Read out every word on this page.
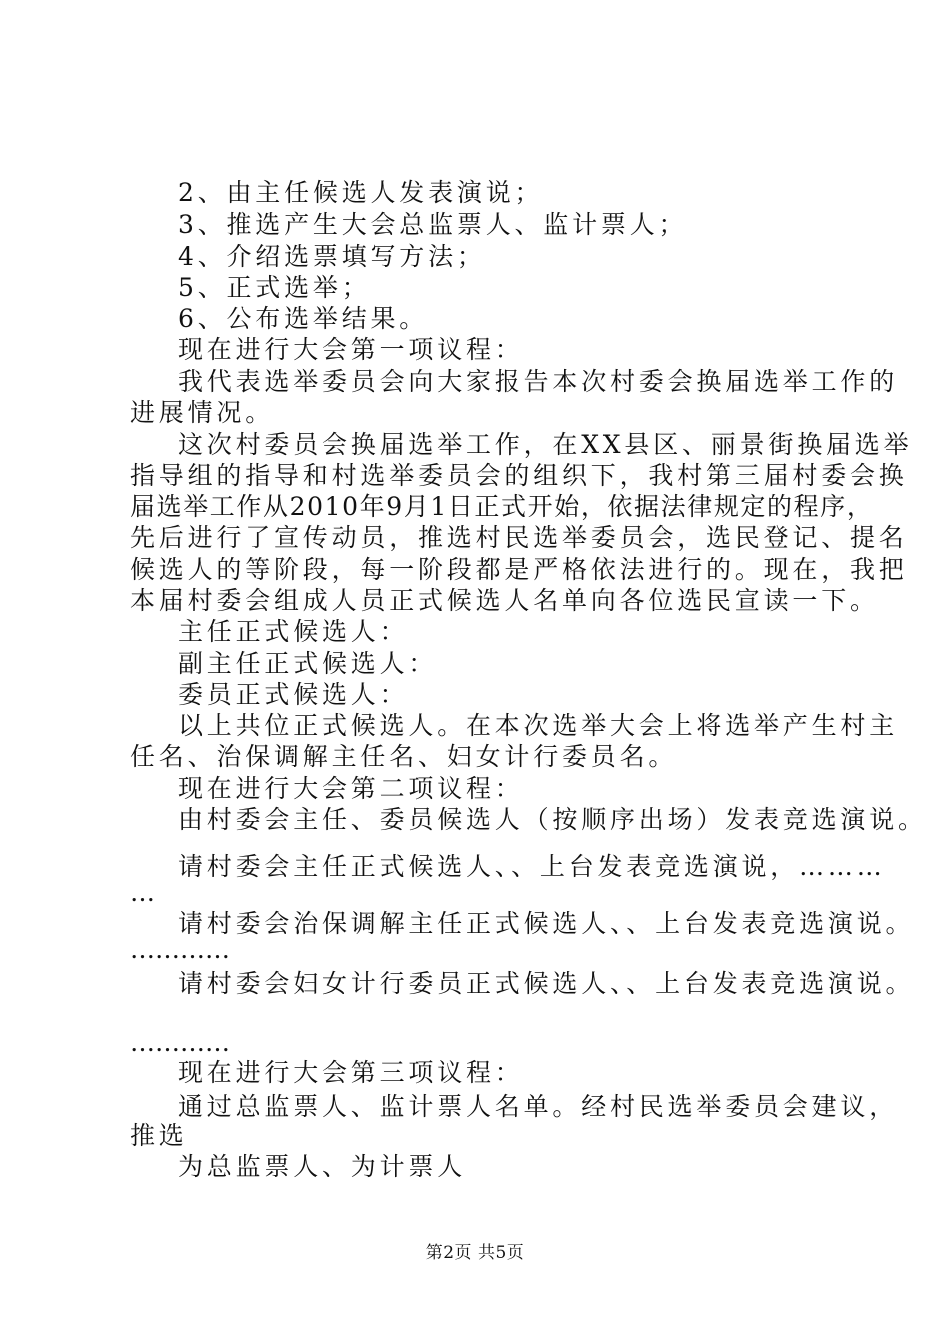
2、由主任候选人发表演说；

3、推选产生大会总监票人、监计票人；

4、介绍选票填写方法；

5、正式选举；

6、公布选举结果。

现在进行大会第一项议程：

我代表选举委员会向大家报告本次村委会换届选举工作的

进展情况。

这次村委员会换届选举工作，在XX县区、丽景街换届选举

指导组的指导和村选举委员会的组织下，我村第三届村委会换

届选举工作从2010年9月1日正式开始，依据法律规定的程序，

先后进行了宣传动员，推选村民选举委员会，选民登记、提名

候选人的等阶段，每一阶段都是严格依法进行的。现在，我把

本届村委会组成人员正式候选人名单向各位选民宣读一下。

主任正式候选人：

副主任正式候选人：

委员正式候选人：

以上共位正式候选人。在本次选举大会上将选举产生村主

任名、治保调解主任名、妇女计行委员名。

现在进行大会第二项议程：

由村委会主任、委员候选人（按顺序出场）发表竞选演说。

请村委会主任正式候选人、、上台发表竞选演说，………

…

请村委会治保调解主任正式候选人、、上台发表竞选演说。

…………

请村委会妇女计行委员正式候选人、、上台发表竞选演说。

…………

现在进行大会第三项议程：

通过总监票人、监计票人名单。经村民选举委员会建议，

推选

为总监票人、为计票人

第2页 共5页
